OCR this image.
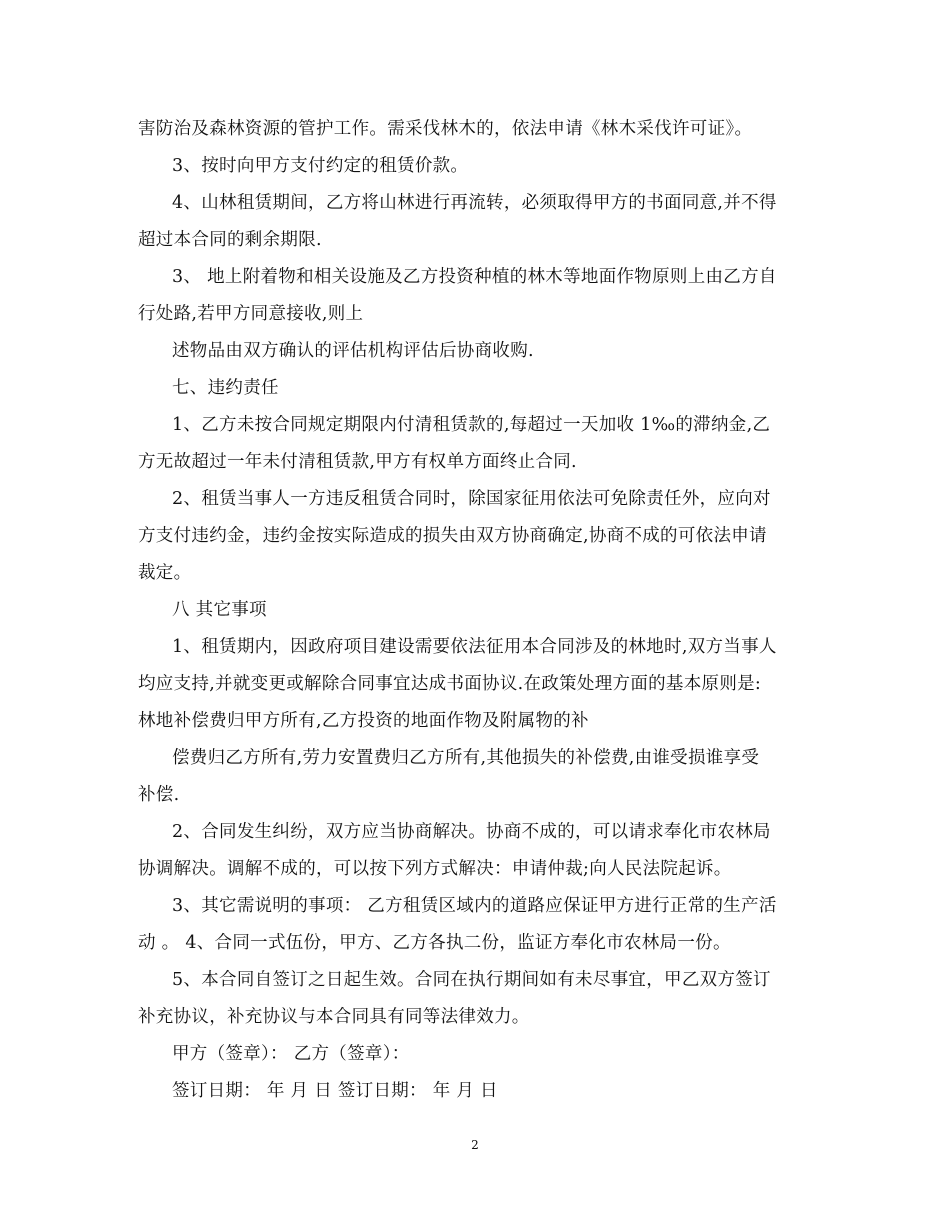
害防治及森林资源的管护工作。需采伐林木的，依法申请《林木采伐许可证》。
3、按时向甲方支付约定的租赁价款。
4、山林租赁期间，乙方将山林进行再流转，必须取得甲方的书面同意,并不得
超过本合同的剩余期限.
3、 地上附着物和相关设施及乙方投资种植的林木等地面作物原则上由乙方自
行处路,若甲方同意接收,则上
述物品由双方确认的评估机构评估后协商收购.
七、违约责任
1、乙方未按合同规定期限内付清租赁款的,每超过一天加收 1‰的滞纳金,乙
方无故超过一年未付清租赁款,甲方有权单方面终止合同.
2、租赁当事人一方违反租赁合同时，除国家征用依法可免除责任外，应向对
方支付违约金，违约金按实际造成的损失由双方协商确定,协商不成的可依法申请
裁定。
八 其它事项
1、租赁期内，因政府项目建设需要依法征用本合同涉及的林地时,双方当事人
均应支持,并就变更或解除合同事宜达成书面协议.在政策处理方面的基本原则是:
林地补偿费归甲方所有,乙方投资的地面作物及附属物的补
偿费归乙方所有,劳力安置费归乙方所有,其他损失的补偿费,由谁受损谁享受
补偿.
2、合同发生纠纷，双方应当协商解决。协商不成的，可以请求奉化市农林局
协调解决。调解不成的，可以按下列方式解决：申请仲裁;向人民法院起诉。
3、其它需说明的事项： 乙方租赁区域内的道路应保证甲方进行正常的生产活
动 。 4、合同一式伍份，甲方、乙方各执二份，监证方奉化市农林局一份。
5、本合同自签订之日起生效。合同在执行期间如有未尽事宜，甲乙双方签订
补充协议，补充协议与本合同具有同等法律效力。
甲方（签章）： 乙方（签章）：
签订日期： 年 月 日 签订日期： 年 月 日
2
